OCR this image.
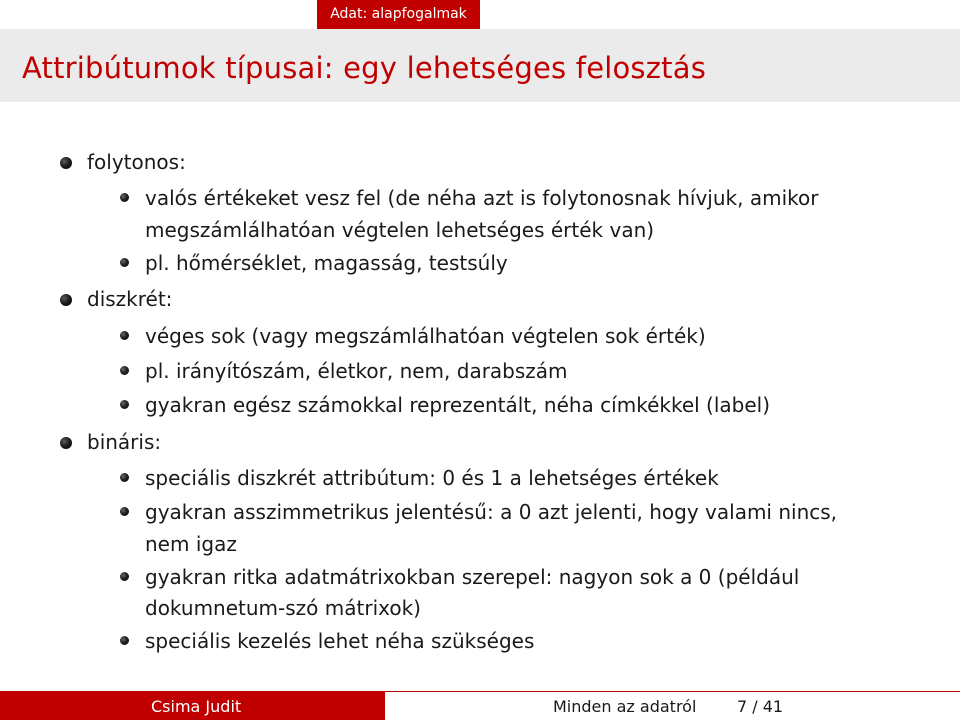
Adat: alapfogalmak
Attribútumok típusai: egy lehetséges felosztás
folytonos:
valós értékeket vesz fel (de néha azt is folytonosnak hívjuk, amikor
megszámlálhatóan végtelen lehetséges érték van)
pl. hőmérséklet, magasság, testsúly
diszkrét:
véges sok (vagy megszámlálhatóan végtelen sok érték)
pl. irányítószám, életkor, nem, darabszám
gyakran egész számokkal reprezentált, néha címkékkel (label)
bináris:
speciális diszkrét attribútum: 0 és 1 a lehetséges értékek
gyakran asszimmetrikus jelentésű: a 0 azt jelenti, hogy valami nincs,
nem igaz
gyakran ritka adatmátrixokban szerepel: nagyon sok a 0 (például
dokumnetum-szó mátrixok)
speciális kezelés lehet néha szükséges
Csima Judit	Minden az adatról	7 / 41
